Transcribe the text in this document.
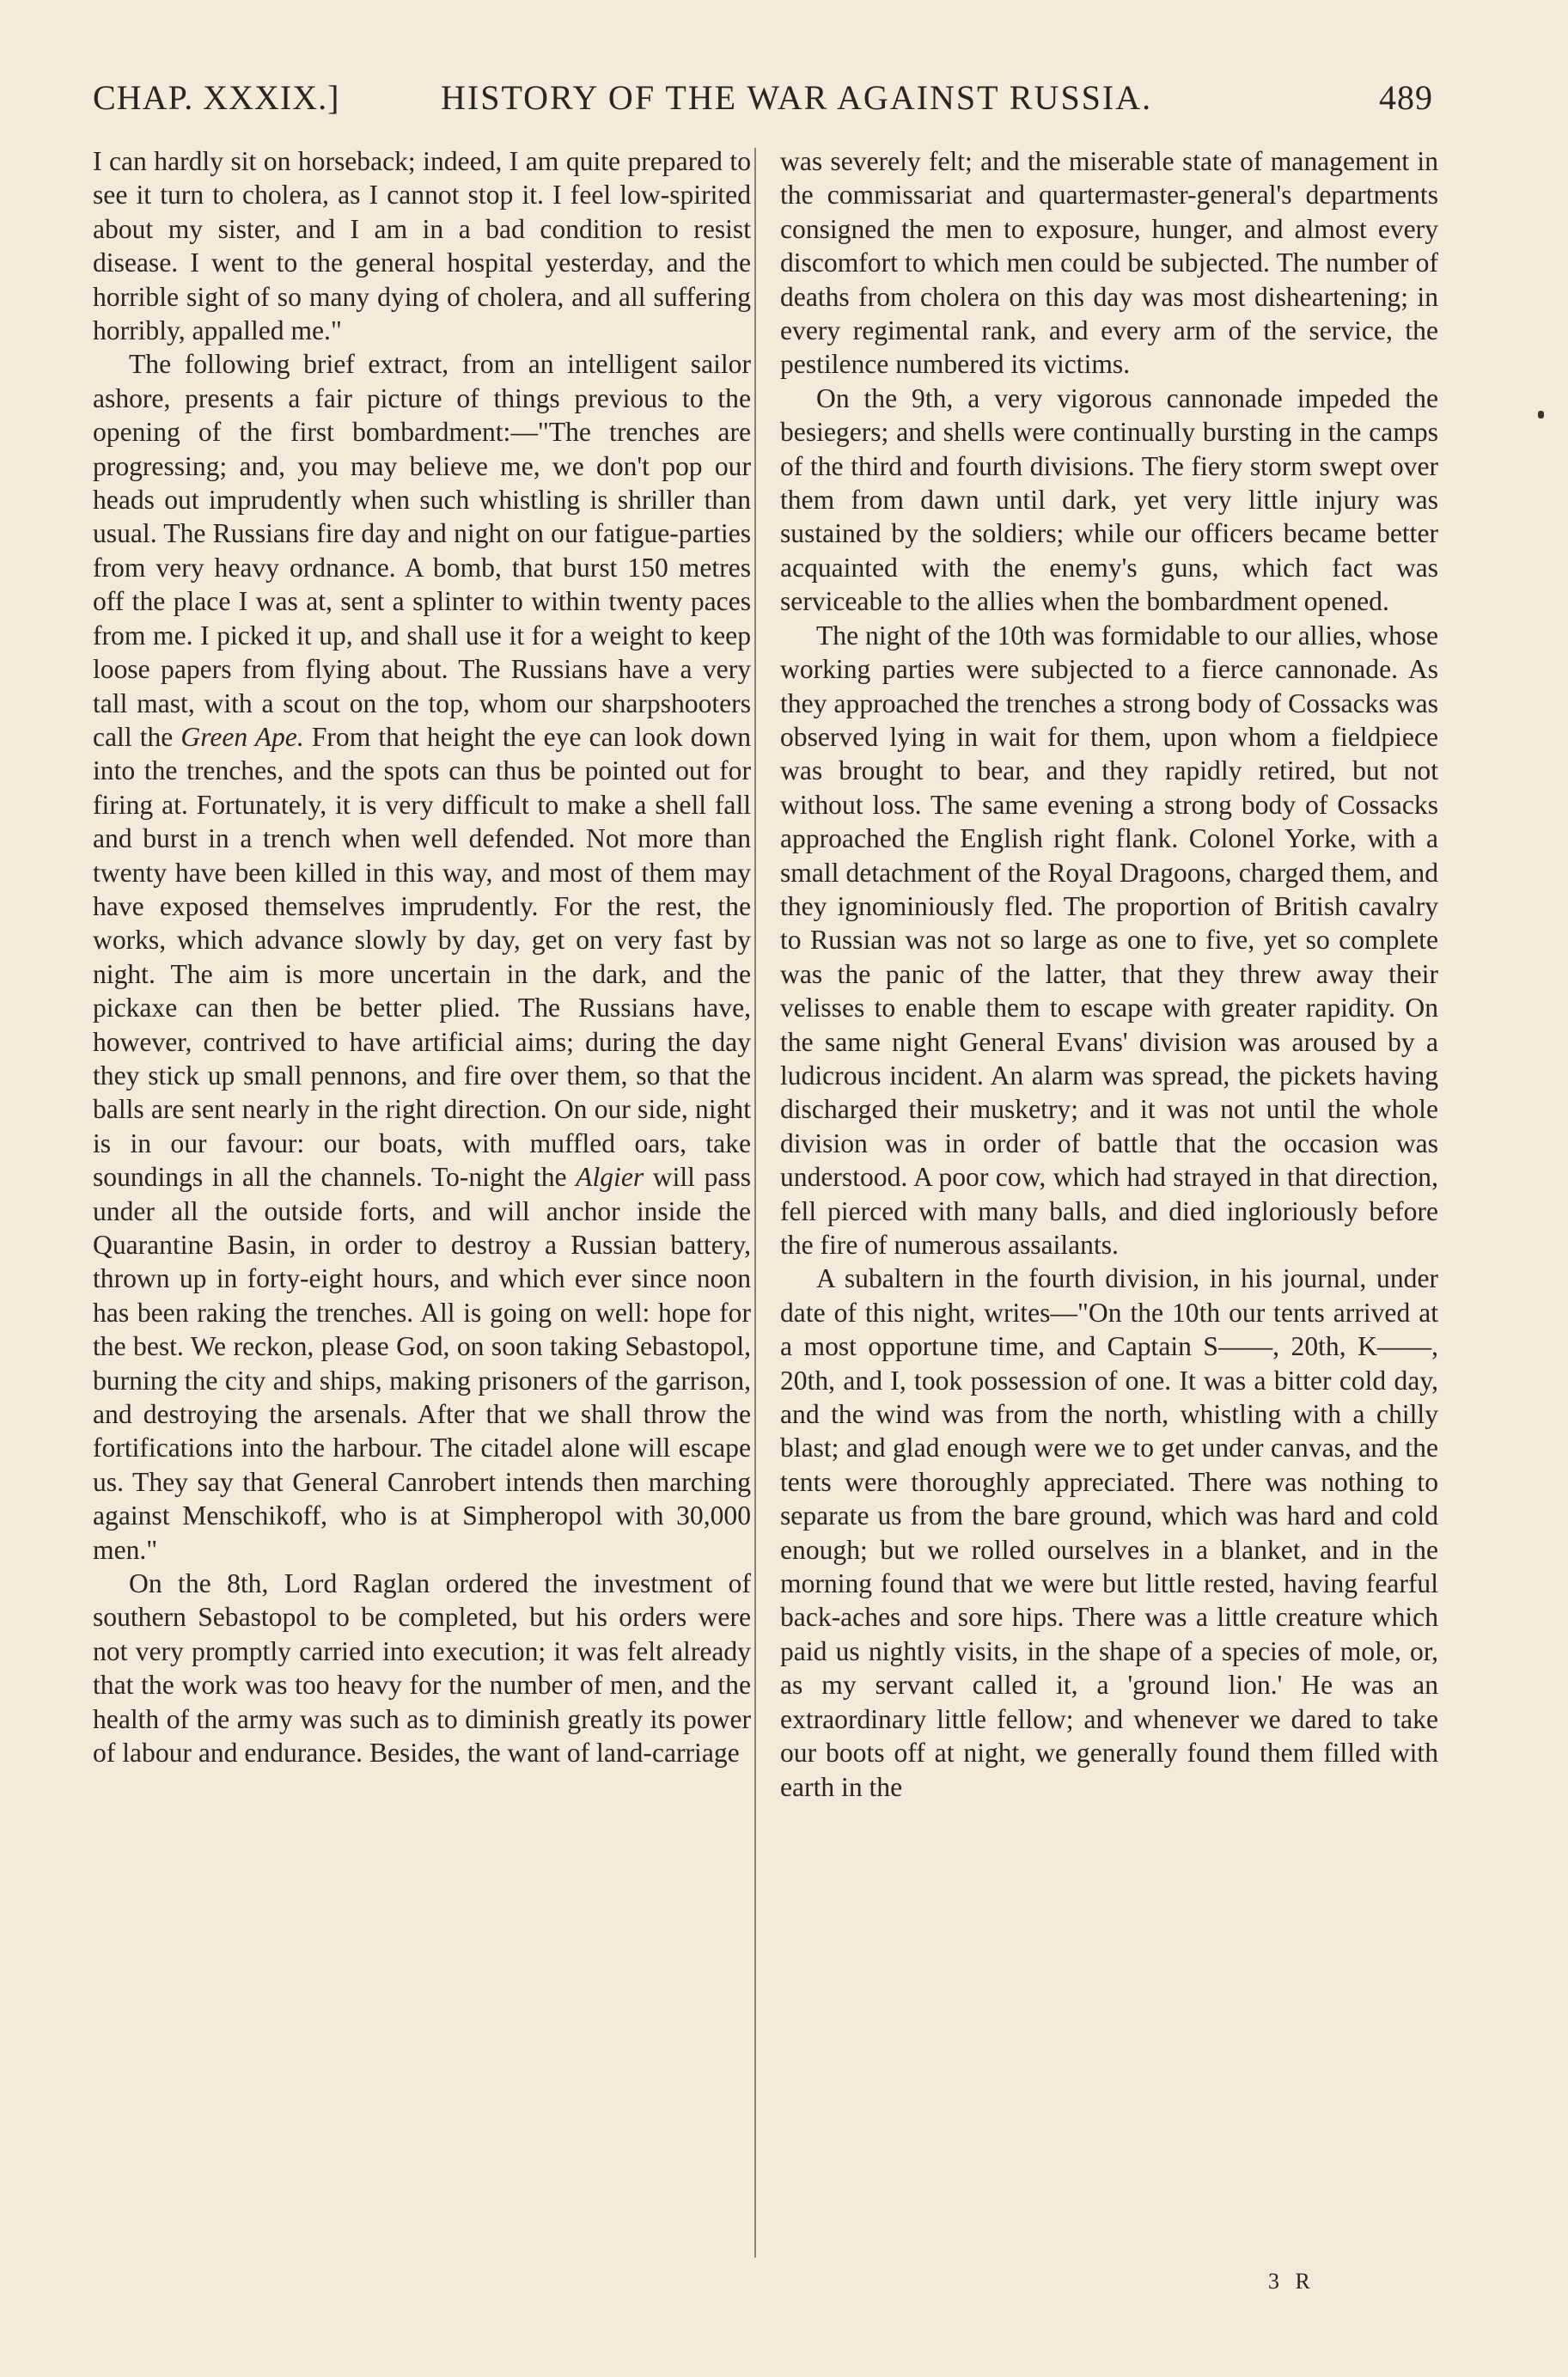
CHAP. XXXIX.]	HISTORY OF THE WAR AGAINST RUSSIA.	489

I can hardly sit on horseback; indeed, I am quite prepared to see it turn to cholera, as I cannot stop it. I feel low-spirited about my sister, and I am in a bad condition to resist disease. I went to the general hospital yesterday, and the horrible sight of so many dying of cholera, and all suffering horribly, appalled me."

The following brief extract, from an intelligent sailor ashore, presents a fair picture of things previous to the opening of the first bombardment:—"The trenches are progressing; and, you may believe me, we don't pop our heads out imprudently when such whistling is shriller than usual. The Russians fire day and night on our fatigue-parties from very heavy ordnance. A bomb, that burst 150 metres off the place I was at, sent a splinter to within twenty paces from me. I picked it up, and shall use it for a weight to keep loose papers from flying about. The Russians have a very tall mast, with a scout on the top, whom our sharpshooters call the Green Ape. From that height the eye can look down into the trenches, and the spots can thus be pointed out for firing at. Fortunately, it is very difficult to make a shell fall and burst in a trench when well defended. Not more than twenty have been killed in this way, and most of them may have exposed themselves imprudently. For the rest, the works, which advance slowly by day, get on very fast by night. The aim is more uncertain in the dark, and the pickaxe can then be better plied. The Russians have, however, contrived to have artificial aims; during the day they stick up small pennons, and fire over them, so that the balls are sent nearly in the right direction. On our side, night is in our favour: our boats, with muffled oars, take soundings in all the channels. To-night the Algier will pass under all the outside forts, and will anchor inside the Quarantine Basin, in order to destroy a Russian battery, thrown up in forty-eight hours, and which ever since noon has been raking the trenches. All is going on well: hope for the best. We reckon, please God, on soon taking Sebastopol, burning the city and ships, making prisoners of the garrison, and destroying the arsenals. After that we shall throw the fortifications into the harbour. The citadel alone will escape us. They say that General Canrobert intends then marching against Menschikoff, who is at Simpheropol with 30,000 men."

On the 8th, Lord Raglan ordered the investment of southern Sebastopol to be completed, but his orders were not very promptly carried into execution; it was felt already that the work was too heavy for the number of men, and the health of the army was such as to diminish greatly its power of labour and endurance. Besides, the want of land-carriage

was severely felt; and the miserable state of management in the commissariat and quartermaster-general's departments consigned the men to exposure, hunger, and almost every discomfort to which men could be subjected. The number of deaths from cholera on this day was most disheartening; in every regimental rank, and every arm of the service, the pestilence numbered its victims.

On the 9th, a very vigorous cannonade impeded the besiegers; and shells were continually bursting in the camps of the third and fourth divisions. The fiery storm swept over them from dawn until dark, yet very little injury was sustained by the soldiers; while our officers became better acquainted with the enemy's guns, which fact was serviceable to the allies when the bombardment opened.

The night of the 10th was formidable to our allies, whose working parties were subjected to a fierce cannonade. As they approached the trenches a strong body of Cossacks was observed lying in wait for them, upon whom a fieldpiece was brought to bear, and they rapidly retired, but not without loss. The same evening a strong body of Cossacks approached the English right flank. Colonel Yorke, with a small detachment of the Royal Dragoons, charged them, and they ignominiously fled. The proportion of British cavalry to Russian was not so large as one to five, yet so complete was the panic of the latter, that they threw away their velisses to enable them to escape with greater rapidity. On the same night General Evans' division was aroused by a ludicrous incident. An alarm was spread, the pickets having discharged their musketry; and it was not until the whole division was in order of battle that the occasion was understood. A poor cow, which had strayed in that direction, fell pierced with many balls, and died ingloriously before the fire of numerous assailants.

A subaltern in the fourth division, in his journal, under date of this night, writes—"On the 10th our tents arrived at a most opportune time, and Captain S——, 20th, K——, 20th, and I, took possession of one. It was a bitter cold day, and the wind was from the north, whistling with a chilly blast; and glad enough were we to get under canvas, and the tents were thoroughly appreciated. There was nothing to separate us from the bare ground, which was hard and cold enough; but we rolled ourselves in a blanket, and in the morning found that we were but little rested, having fearful back-aches and sore hips. There was a little creature which paid us nightly visits, in the shape of a species of mole, or, as my servant called it, a 'ground lion.' He was an extraordinary little fellow; and whenever we dared to take our boots off at night, we generally found them filled with earth in the

3 R
